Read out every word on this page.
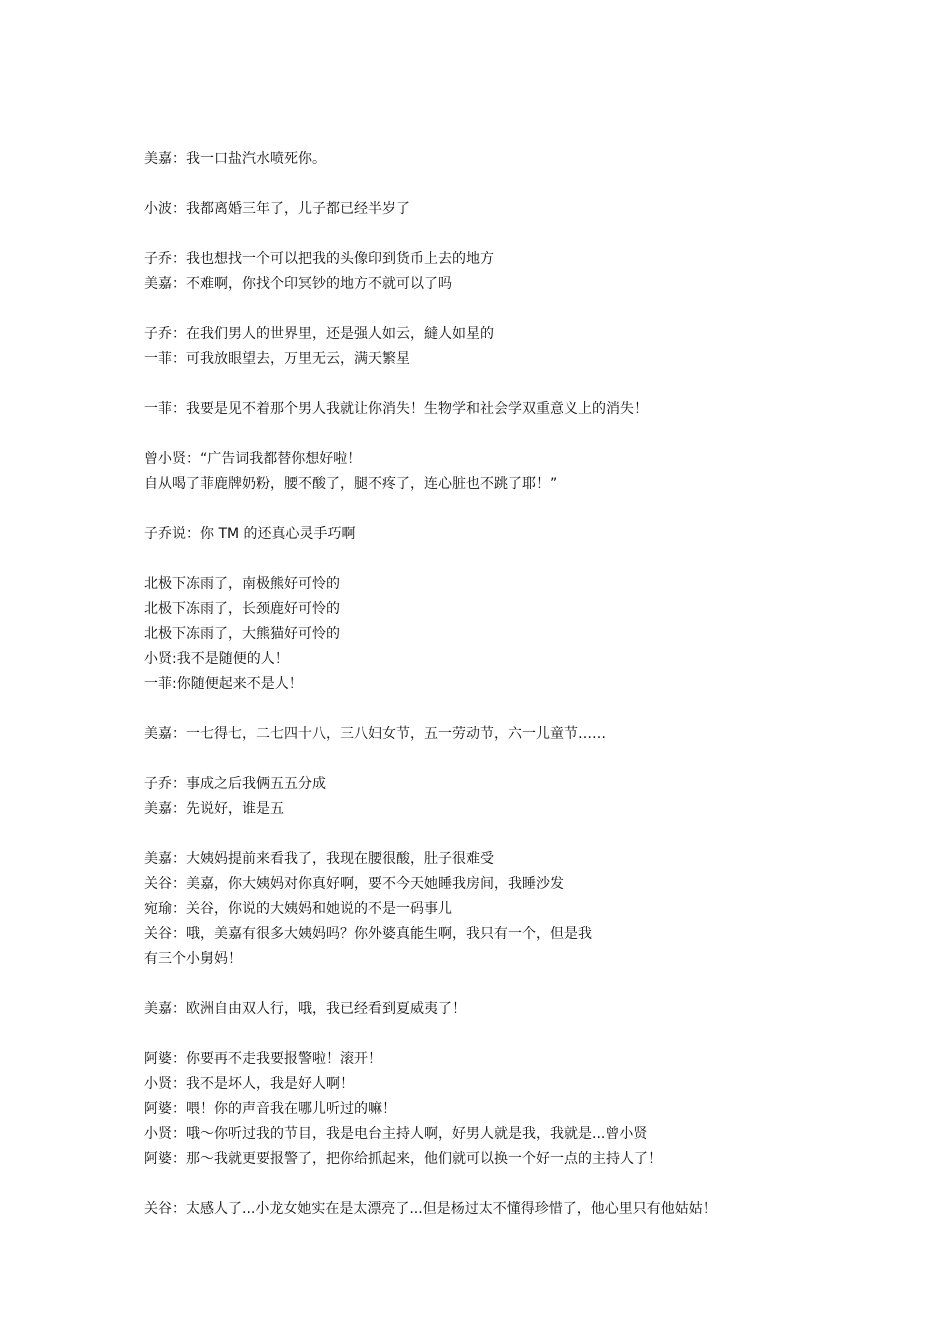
美嘉：我一口盐汽水喷死你。
小波：我都离婚三年了，儿子都已经半岁了
子乔：我也想找一个可以把我的头像印到货币上去的地方
美嘉：不难啊，你找个印冥钞的地方不就可以了吗
子乔：在我们男人的世界里，还是强人如云，繨人如星的
一菲：可我放眼望去，万里无云，满天繁星
一菲：我要是见不着那个男人我就让你消失！生物学和社会学双重意义上的消失！
曾小贤：“广告词我都替你想好啦！
自从喝了菲鹿牌奶粉，腰不酸了，腿不疼了，连心脏也不跳了耶！”
子乔说：你 TM 的还真心灵手巧啊
北极下冻雨了，南极熊好可怜的
北极下冻雨了，长颈鹿好可怜的
北极下冻雨了，大熊猫好可怜的
小贤:我不是随便的人！
一菲:你随便起来不是人！
美嘉：一七得七，二七四十八，三八妇女节，五一劳动节，六一儿童节……
子乔：事成之后我俩五五分成
美嘉：先说好，谁是五
美嘉：大姨妈提前来看我了，我现在腰很酸，肚子很难受
关谷：美嘉，你大姨妈对你真好啊，要不今天她睡我房间，我睡沙发
宛瑜：关谷，你说的大姨妈和她说的不是一码事儿
关谷：哦，美嘉有很多大姨妈吗？你外婆真能生啊，我只有一个，但是我
有三个小舅妈！
美嘉：欧洲自由双人行，哦，我已经看到夏威夷了！
阿婆：你要再不走我要报警啦！滚开！
小贤：我不是坏人，我是好人啊！
阿婆：喂！你的声音我在哪儿听过的嘛！
小贤：哦～你听过我的节目，我是电台主持人啊，好男人就是我，我就是...曾小贤
阿婆：那～我就更要报警了，把你给抓起来，他们就可以换一个好一点的主持人了！
关谷：太感人了...小龙女她实在是太漂亮了...但是杨过太不懂得珍惜了，他心里只有他姑姑！
